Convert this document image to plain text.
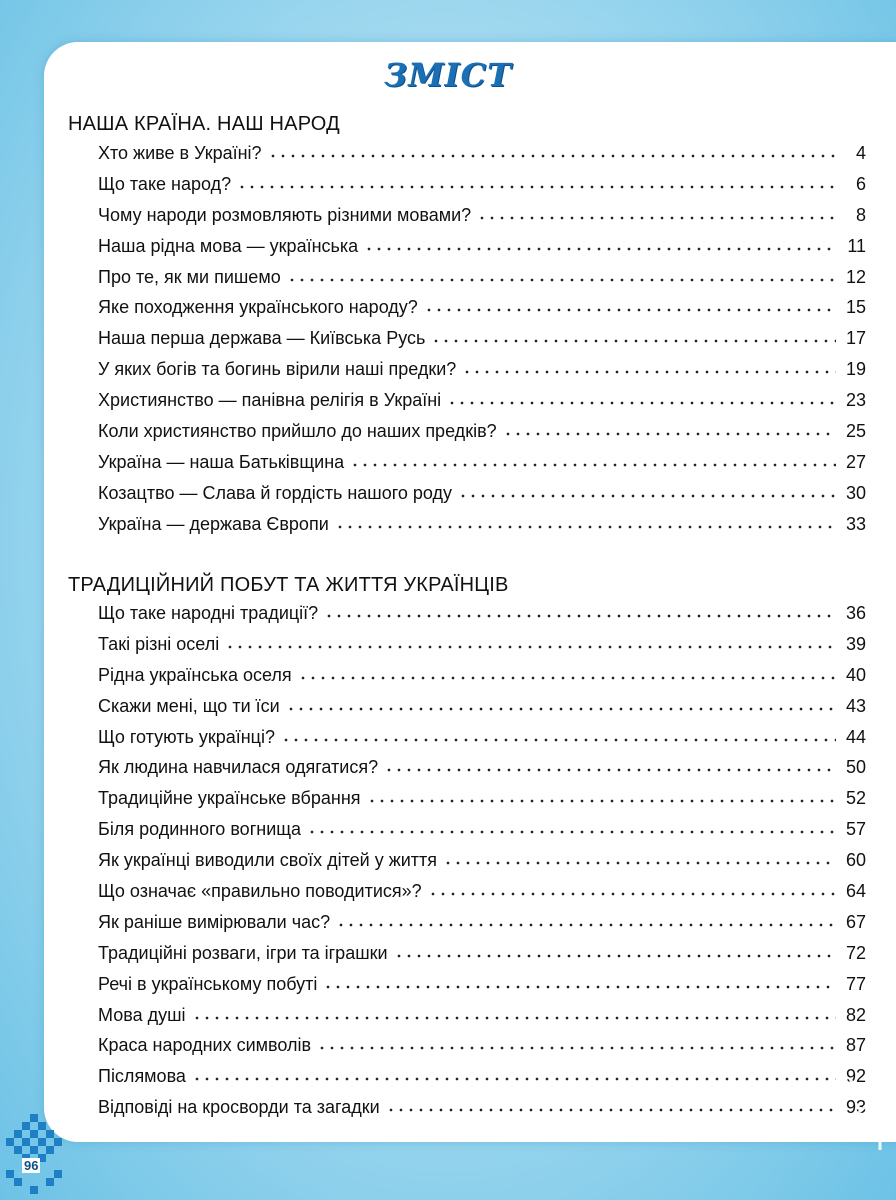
ЗМІСТ
НАША КРАЇНА. НАШ НАРОД
Хто живе в Україні?	4
Що таке народ?	6
Чому народи розмовляють різними мовами?	8
Наша рідна мова — українська	11
Про те, як ми пишемо	12
Яке походження українського народу?	15
Наша перша держава — Київська Русь	17
У яких богів та богинь вірили наші предки?	19
Християнство — панівна релігія в Україні	23
Коли християнство прийшло до наших предків?	25
Україна — наша Батьківщина	27
Козацтво — Слава й гордість нашого роду	30
Україна — держава Європи	33
ТРАДИЦІЙНИЙ ПОБУТ ТА ЖИТТЯ УКРАЇНЦІВ
Що таке народні традиції?	36
Такі різні оселі	39
Рідна українська оселя	40
Скажи мені, що ти їси	43
Що готують українці?	44
Як людина навчилася одягатися?	50
Традиційне українське вбрання	52
Біля родинного вогнища	57
Як українці виводили своїх дітей у життя	60
Що означає «правильно поводитися»?	64
Як раніше вимірювали час?	67
Традиційні розваги, ігри та іграшки	72
Речі в українському побуті	77
Мова душі	82
Краса народних символів	87
Післямова	92
Відповіді на кросворди та загадки	93
96
